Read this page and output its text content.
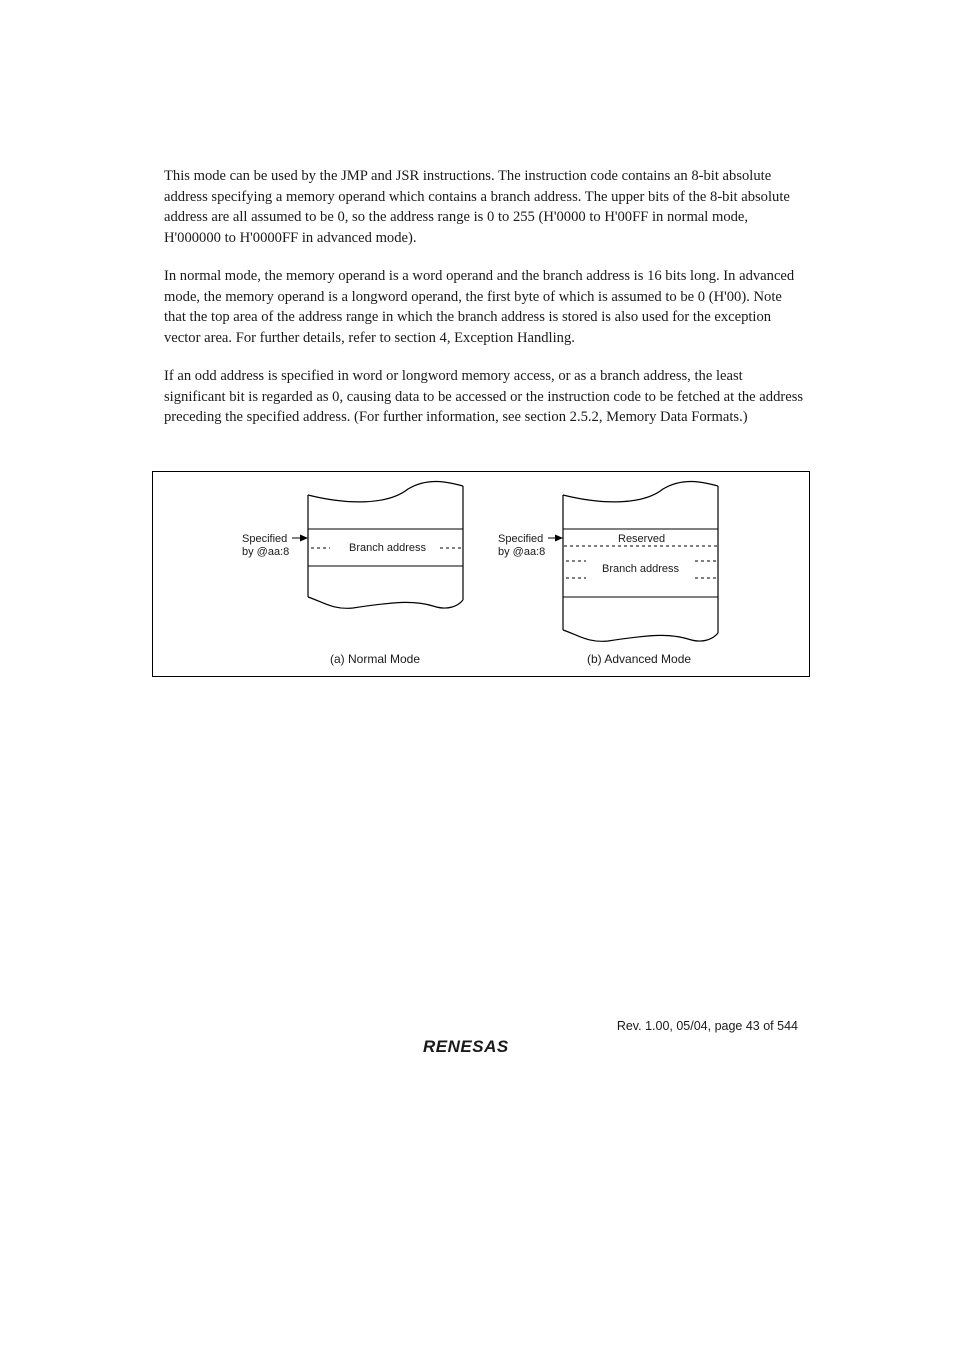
This mode can be used by the JMP and JSR instructions. The instruction code contains an 8-bit absolute address specifying a memory operand which contains a branch address. The upper bits of the 8-bit absolute address are all assumed to be 0, so the address range is 0 to 255 (H'0000 to H'00FF in normal mode, H'000000 to H'0000FF in advanced mode).

In normal mode, the memory operand is a word operand and the branch address is 16 bits long. In advanced mode, the memory operand is a longword operand, the first byte of which is assumed to be 0 (H'00). Note that the top area of the address range in which the branch address is stored is also used for the exception vector area. For further details, refer to section 4, Exception Handling.

If an odd address is specified in word or longword memory access, or as a branch address, the least significant bit is regarded as 0, causing data to be accessed or the instruction code to be fetched at the address preceding the specified address. (For further information, see section 2.5.2, Memory Data Formats.)

Branch address
Specified
by @aa:8
(a) Normal Mode
Reserved
Branch address
Specified
by @aa:8
(b) Advanced Mode
Rev. 1.00, 05/04, page 43 of 544
RENESAS
